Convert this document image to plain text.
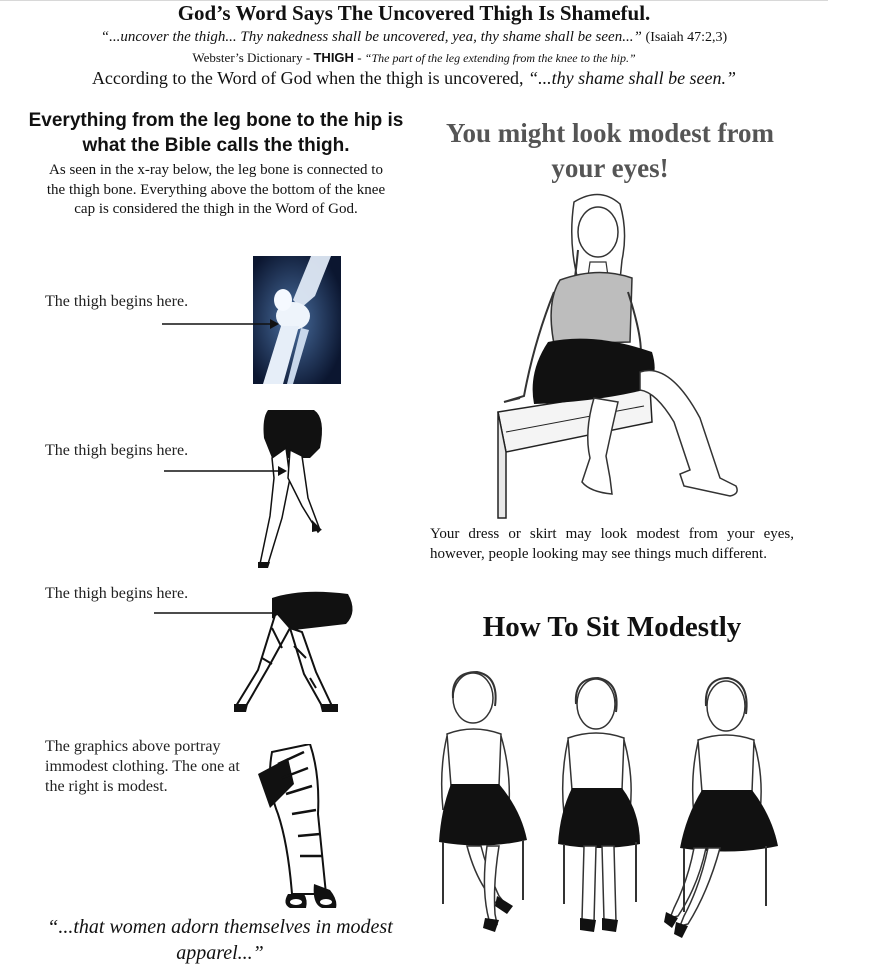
God’s Word Says The Uncovered Thigh Is Shameful.
“...uncover the thigh... Thy nakedness shall be uncovered, yea, thy shame shall be seen...” (Isaiah 47:2,3)
Webster’s Dictionary - THIGH - “The part of the leg extending from the knee to the hip.”
According to the Word of God when the thigh is uncovered, “...thy shame shall be seen.”
Everything from the leg bone to the hip is what the Bible calls the thigh.
As seen in the x-ray below, the leg bone is connected to the thigh bone. Everything above the bottom of the knee cap is considered the thigh in the Word of God.
The thigh begins here.
The thigh begins here.
The thigh begins here.
The graphics above portray immodest clothing. The one at the right is modest.
“...that women adorn themselves in modest apparel...”
You might look modest from your eyes!
Your dress or skirt may look modest from your eyes, however, people looking may see things much different.
How To Sit Modestly
